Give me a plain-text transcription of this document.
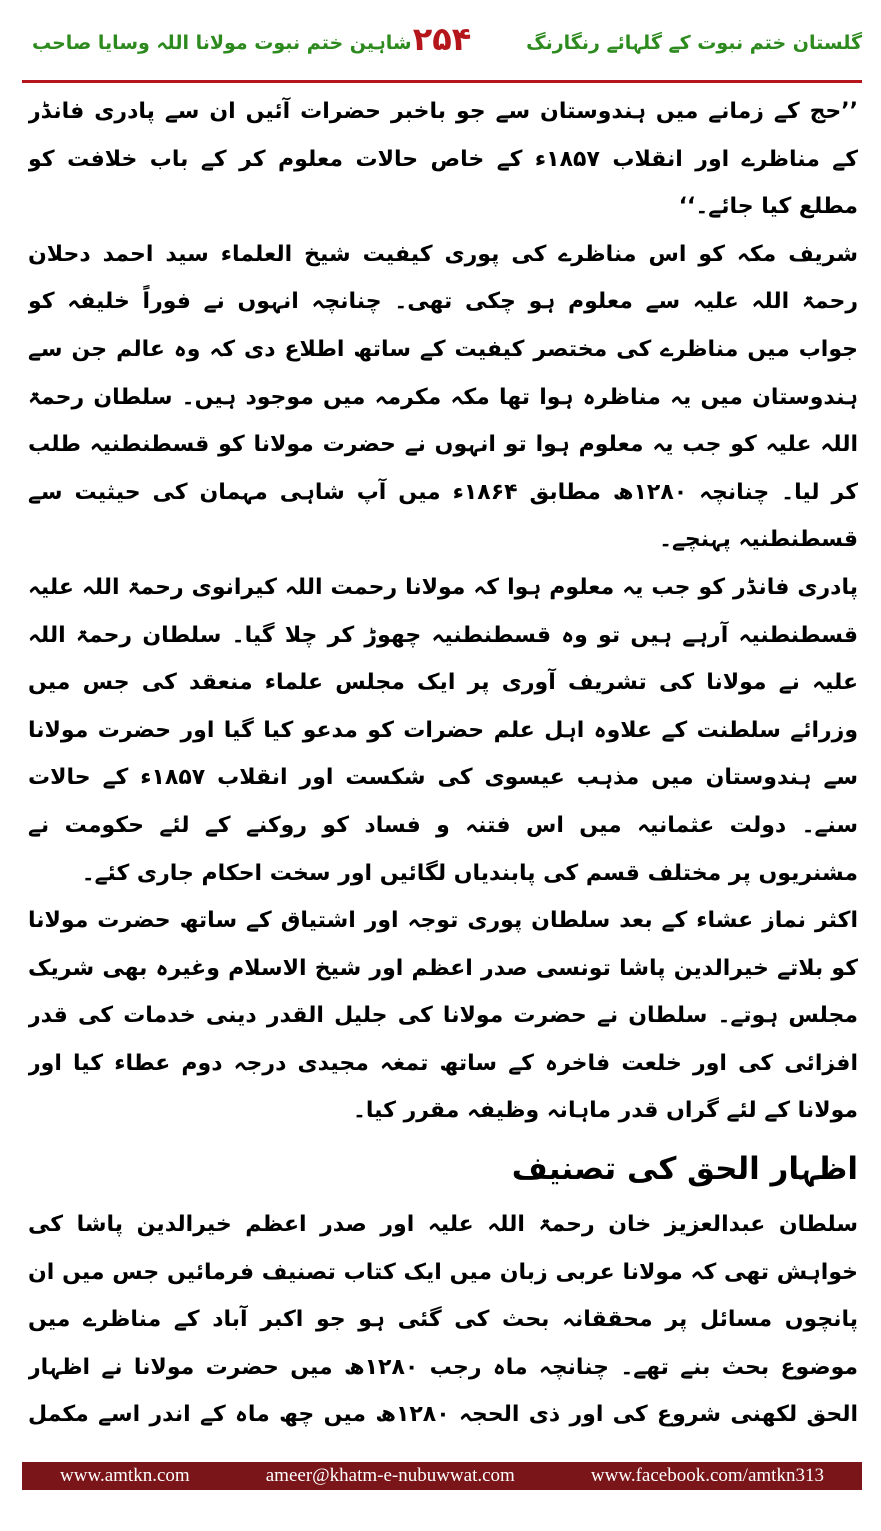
گلستان ختم نبوت کے گلہائے رنگارنگ
۲۵۴
شاہین ختم نبوت مولانا اللہ وسایا صاحب

’’حج کے زمانے میں ہندوستان سے جو باخبر حضرات آئیں ان سے پادری فانڈر کے مناظرے اور انقلاب ۱۸۵۷ء کے خاص حالات معلوم کر کے باب خلافت کو مطلع کیا جائے۔‘‘

شریف مکہ کو اس مناظرے کی پوری کیفیت شیخ العلماء سید احمد دحلان رحمۃ اللہ علیہ سے معلوم ہو چکی تھی۔ چنانچہ انہوں نے فوراً خلیفہ کو جواب میں مناظرے کی مختصر کیفیت کے ساتھ اطلاع دی کہ وہ عالم جن سے ہندوستان میں یہ مناظرہ ہوا تھا مکہ مکرمہ میں موجود ہیں۔ سلطان رحمۃ اللہ علیہ کو جب یہ معلوم ہوا تو انہوں نے حضرت مولانا کو قسطنطنیہ طلب کر لیا۔ چنانچہ ۱۲۸۰ھ مطابق ۱۸۶۴ء میں آپ شاہی مہمان کی حیثیت سے قسطنطنیہ پہنچے۔

پادری فانڈر کو جب یہ معلوم ہوا کہ مولانا رحمت اللہ کیرانوی رحمۃ اللہ علیہ قسطنطنیہ آرہے ہیں تو وہ قسطنطنیہ چھوڑ کر چلا گیا۔ سلطان رحمۃ اللہ علیہ نے مولانا کی تشریف آوری پر ایک مجلس علماء منعقد کی جس میں وزرائے سلطنت کے علاوہ اہل علم حضرات کو مدعو کیا گیا اور حضرت مولانا سے ہندوستان میں مذہب عیسوی کی شکست اور انقلاب ۱۸۵۷ء کے حالات سنے۔ دولت عثمانیہ میں اس فتنہ و فساد کو روکنے کے لئے حکومت نے مشنریوں پر مختلف قسم کی پابندیاں لگائیں اور سخت احکام جاری کئے۔

اکثر نماز عشاء کے بعد سلطان پوری توجہ اور اشتیاق کے ساتھ حضرت مولانا کو بلاتے خیرالدین پاشا تونسی صدر اعظم اور شیخ الاسلام وغیرہ بھی شریک مجلس ہوتے۔ سلطان نے حضرت مولانا کی جلیل القدر دینی خدمات کی قدر افزائی کی اور خلعت فاخرہ کے ساتھ تمغہ مجیدی درجہ دوم عطاء کیا اور مولانا کے لئے گراں قدر ماہانہ وظیفہ مقرر کیا۔

اظہار الحق کی تصنیف

سلطان عبدالعزیز خان رحمۃ اللہ علیہ اور صدر اعظم خیرالدین پاشا کی خواہش تھی کہ مولانا عربی زبان میں ایک کتاب تصنیف فرمائیں جس میں ان پانچوں مسائل پر محققانہ بحث کی گئی ہو جو اکبر آباد کے مناظرے میں موضوع بحث بنے تھے۔ چنانچہ ماہ رجب ۱۲۸۰ھ میں حضرت مولانا نے اظہار الحق لکھنی شروع کی اور ذی الحجہ ۱۲۸۰ھ میں چھ ماہ کے اندر اسے مکمل

www.amtkn.com	ameer@khatm-e-nubuwwat.com	www.facebook.com/amtkn313
